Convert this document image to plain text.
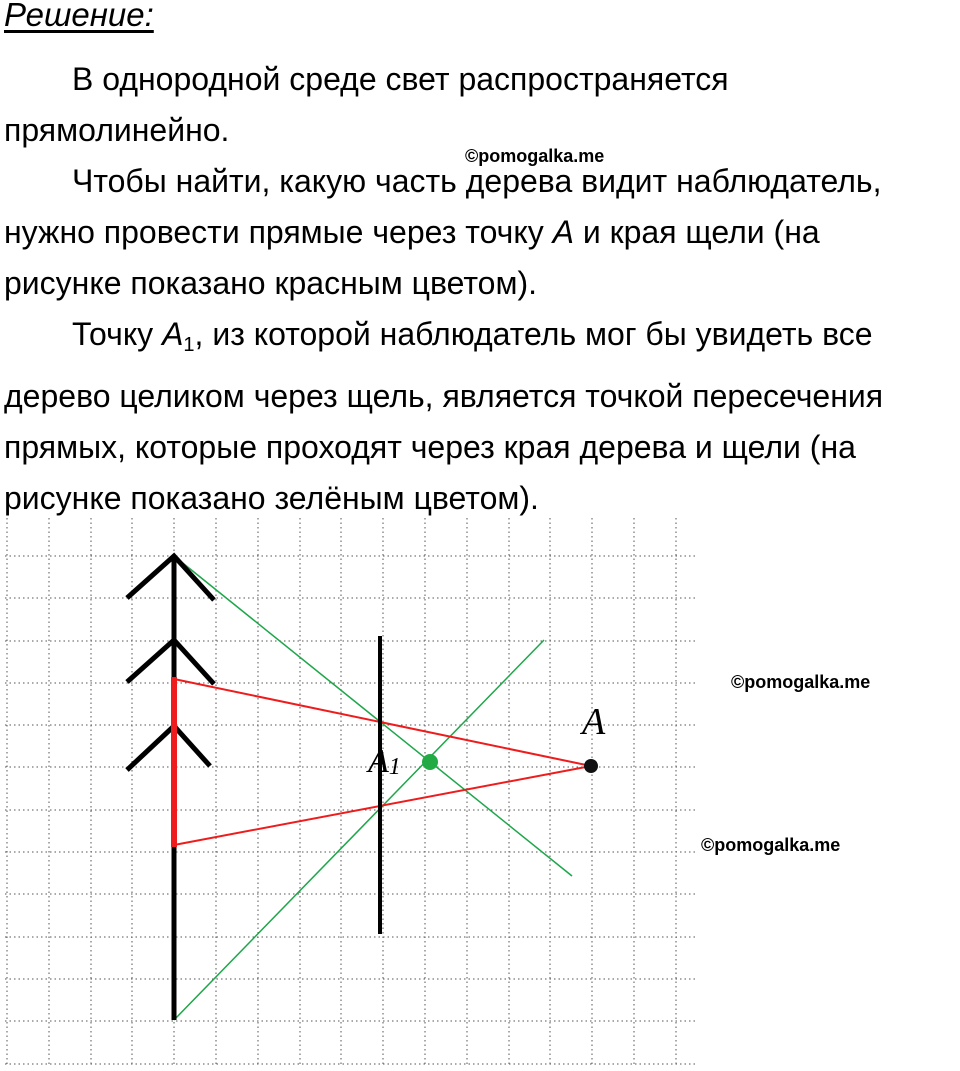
Решение:
В однородной среде свет распространяется
прямолинейно.
Чтобы найти, какую часть дерева видит наблюдатель,
нужно провести прямые через точку A и края щели (на
рисунке показано красным цветом).
Точку $A_1$, из которой наблюдатель мог бы увидеть все
дерево целиком через щель, является точкой пересечения
прямых, которые проходят через края дерева и щели (на
рисунке показано зелёным цветом).
A
A1
©pomogalka.me
©pomogalka.me
©pomogalka.me
